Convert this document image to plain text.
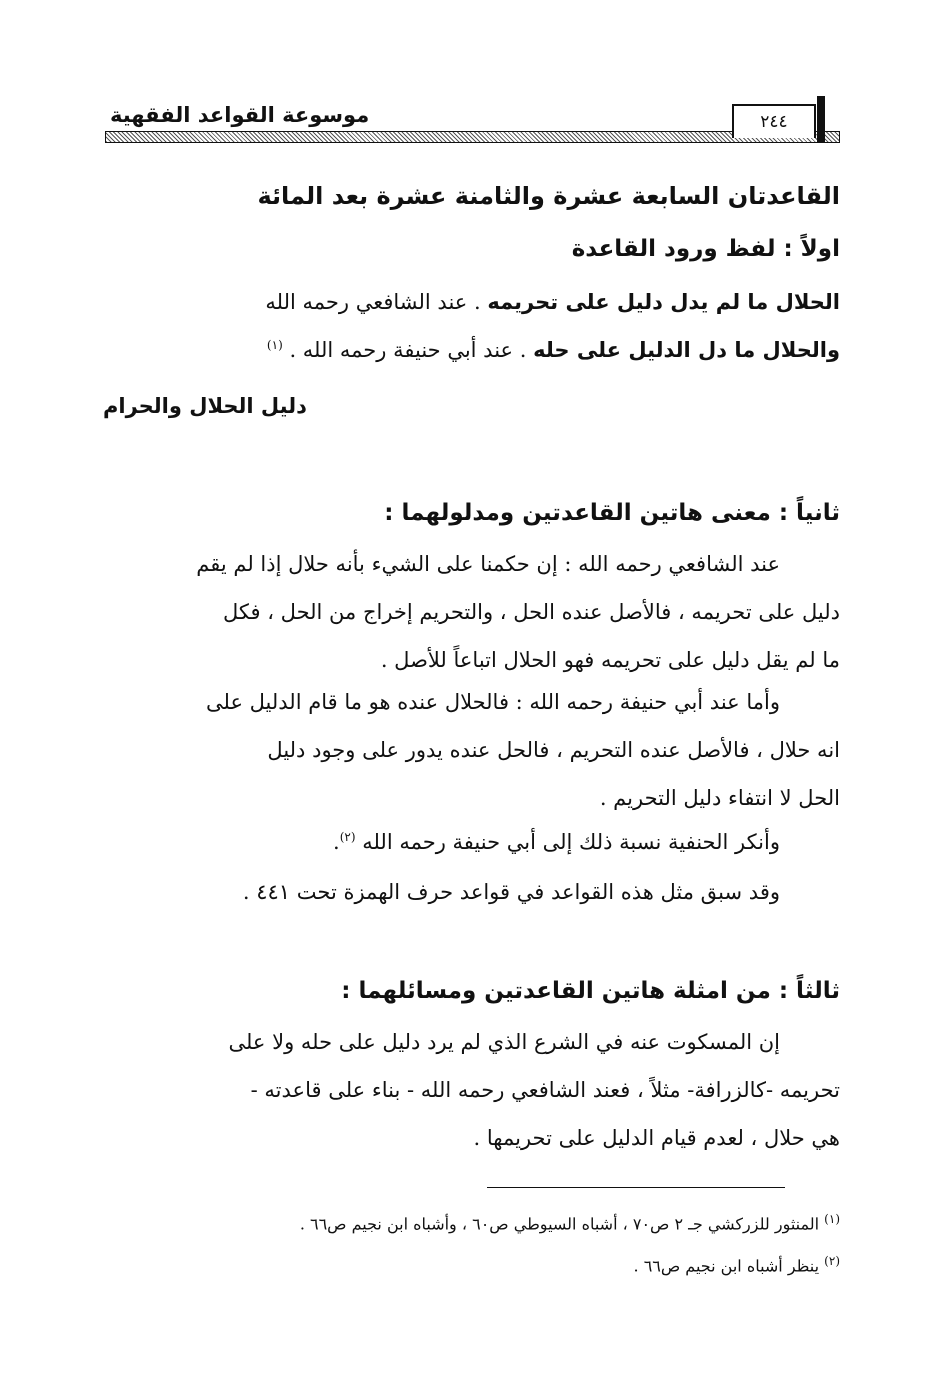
موسوعة القواعد الفقهية	٢٤٤
القاعدتان السابعة عشرة والثامنة عشرة بعد المائة
اولاً : لفظ ورود القاعدة
الحلال ما لم يدل دليل على تحريمه . عند الشافعي رحمه الله
والحلال ما دل الدليل على حله . عند أبي حنيفة رحمه الله . $^{(١)}$
دليل الحلال والحرام
ثانياً : معنى هاتين القاعدتين ومدلولهما :
عند الشافعي رحمه الله : إن حكمنا على الشيء بأنه حلال إذا لم يقم
دليل على تحريمه ، فالأصل عنده الحل ، والتحريم إخراج من الحل ، فكل
ما لم يقل دليل على تحريمه فهو الحلال اتباعاً للأصل .
وأما عند أبي حنيفة رحمه الله : فالحلال عنده هو ما قام الدليل على
انه حلال ، فالأصل عنده التحريم ، فالحل عنده يدور على وجود دليل
الحل لا انتفاء دليل التحريم .
وأنكر الحنفية نسبة ذلك إلى أبي حنيفة رحمه الله $^{(٢)}$.
وقد سبق مثل هذه القواعد في قواعد حرف الهمزة تحت ٤٤١ .
ثالثاً : من امثلة هاتين القاعدتين ومسائلهما :
إن المسكوت عنه في الشرع الذي لم يرد دليل على حله ولا على
تحريمه -كالزرافة- مثلاً ، فعند الشافعي رحمه الله - بناء على قاعدته -
هي حلال ، لعدم قيام الدليل على تحريمها .
$^{(١)}$ المنثور للزركشي جـ ٢ ص٧٠ ، أشباه السيوطي ص٦٠ ، وأشباه ابن نجيم ص٦٦ .
$^{(٢)}$ ينظر أشباه ابن نجيم ص٦٦ .
